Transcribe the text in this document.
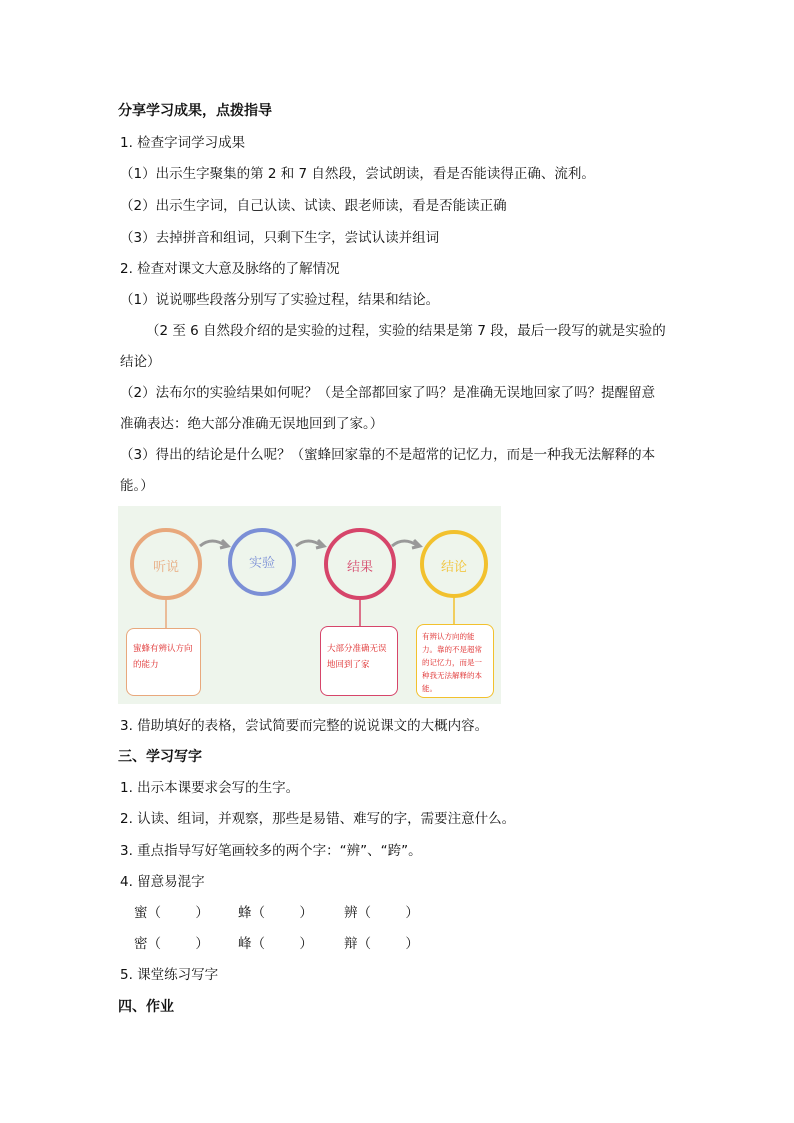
分享学习成果，点拨指导
1. 检查字词学习成果
（1）出示生字聚集的第 2 和 7 自然段，尝试朗读，看是否能读得正确、流利。
（2）出示生字词，自己认读、试读、跟老师读，看是否能读正确
（3）去掉拼音和组词，只剩下生字，尝试认读并组词
2. 检查对课文大意及脉络的了解情况
（1）说说哪些段落分别写了实验过程，结果和结论。
（2 至 6 自然段介绍的是实验的过程，实验的结果是第 7 段，最后一段写的就是实验的
结论）
（2）法布尔的实验结果如何呢？（是全部都回家了吗？是准确无误地回家了吗？提醒留意
准确表达：绝大部分准确无误地回到了家。）
（3）得出的结论是什么呢？（蜜蜂回家靠的不是超常的记忆力，而是一种我无法解释的本
能。）
听说	实验	结果	结论
蜜蜂有辨认方向的能力
大部分准确无误地回到了家
有辨认方向的能力。靠的不是超常的记忆力，而是一种我无法解释的本能。
3. 借助填好的表格，尝试简要而完整的说说课文的大概内容。
三、学习写字
1. 出示本课要求会写的生字。
2. 认读、组词，并观察，那些是易错、难写的字，需要注意什么。
3. 重点指导写好笔画较多的两个字：“辨”、“跨”。
4. 留意易混字
蜜（        ） 蜂（        ） 辨（        ）
密（        ） 峰（        ） 辩（        ）
5. 课堂练习写字
四、作业
